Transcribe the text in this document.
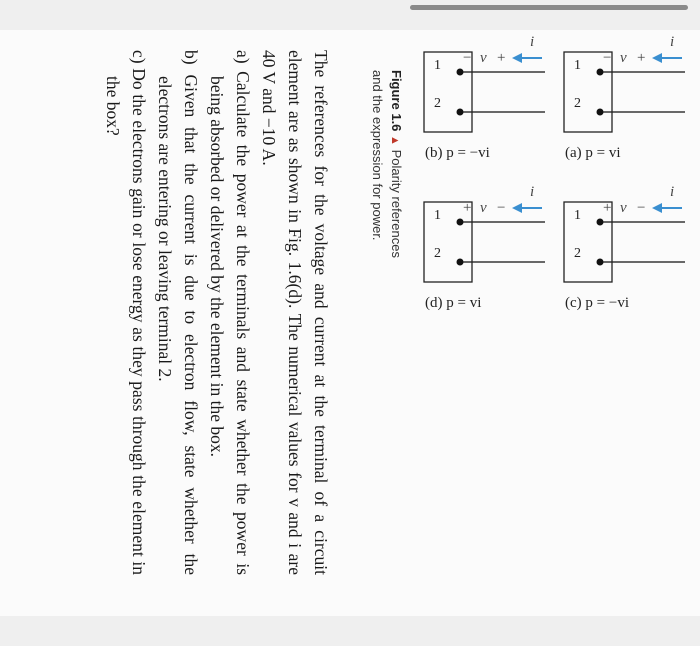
i
+
v
−
1
2
(a) p = vi
i
+
v
−
1
2
(b) p = −vi
i
−
v
+
1
2
(c) p = −vi
i
−
v
+
1
2
(d) p = vi
Figure 1.6 ▲ Polarity references and the expression for power.

The references for the voltage and current at the terminal of a circuit element are as shown in Fig. 1.6(d). The numerical values for v and i are 40 V and −10 A.

a) Calculate the power at the terminals and state whether the power is being absorbed or delivered by the element in the box.

b) Given that the current is due to electron flow, state whether the electrons are entering or leaving terminal 2.

c) Do the electrons gain or lose energy as they pass through the element in the box?
